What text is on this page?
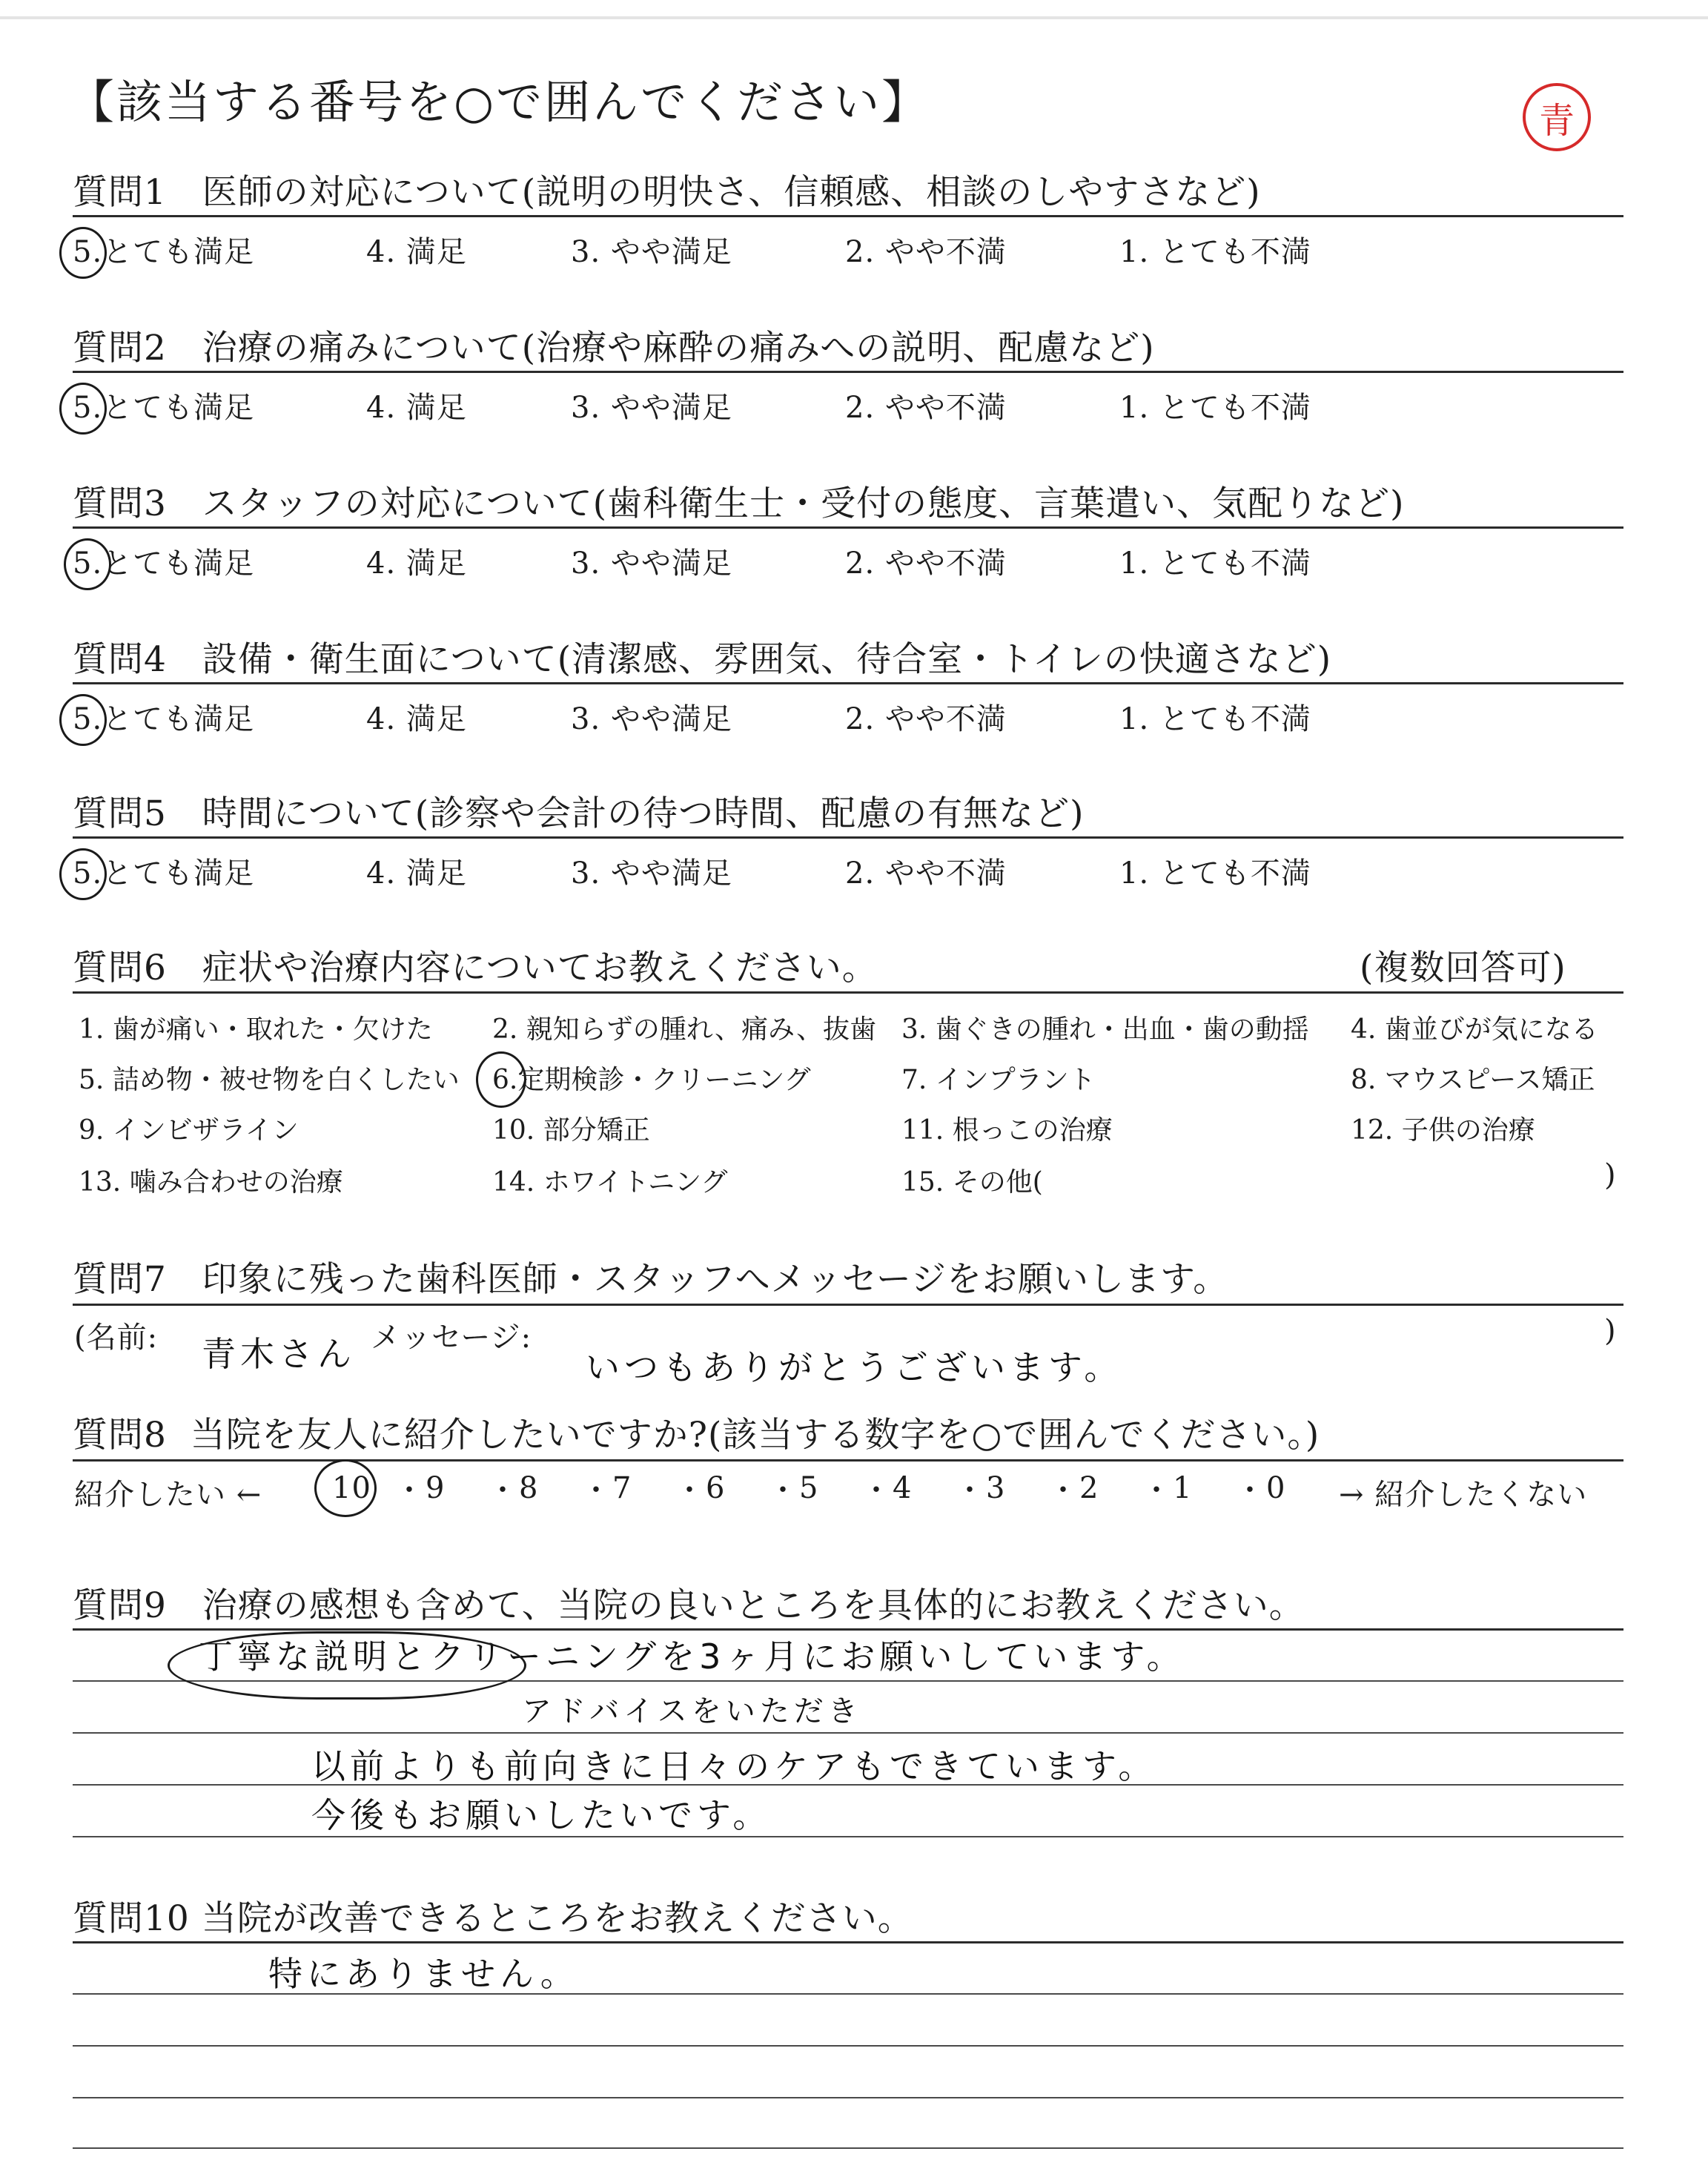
【該当する番号を○で囲んでください】	青
質問1 医師の対応について(説明の明快さ、信頼感、相談のしやすさなど)
5.とても満足	4. 満足	3. やや満足	2. やや不満	1. とても不満
質問2 治療の痛みについて(治療や麻酔の痛みへの説明、配慮など)
5.とても満足	4. 満足	3. やや満足	2. やや不満	1. とても不満
質問3 スタッフの対応について(歯科衛生士・受付の態度、言葉遣い、気配りなど)
5.とても満足	4. 満足	3. やや満足	2. やや不満	1. とても不満
質問4 設備・衛生面について(清潔感、雰囲気、待合室・トイレの快適さなど)
5.とても満足	4. 満足	3. やや満足	2. やや不満	1. とても不満
質問5 時間について(診察や会計の待つ時間、配慮の有無など)
5.とても満足	4. 満足	3. やや満足	2. やや不満	1. とても不満
質問6 症状や治療内容についてお教えください。	(複数回答可)
1. 歯が痛い・取れた・欠けた 2. 親知らずの腫れ、痛み、抜歯 3. 歯ぐきの腫れ・出血・歯の動揺 4. 歯並びが気になる
5. 詰め物・被せ物を白くしたい 6.定期検診・クリーニング	7. インプラント	8. マウスピース矯正
9. インビザライン	10. 部分矯正	11. 根っこの治療	12. 子供の治療
13. 噛み合わせの治療	14. ホワイトニング	15. その他(	)
質問7 印象に残った歯科医師・スタッフへメッセージをお願いします。
(名前: 青木さん メッセージ:
いつもありがとうございます。
)
質問8 当院を友人に紹介したいですか?(該当する数字を○で囲んでください。)
紹介したい ←	→ 紹介したくない
10 ・ 9 ・ 8 ・ 7 ・ 6 ・ 5 ・ 4 ・ 3 ・ 2 ・ 1 ・ 0
質問9 治療の感想も含めて、当院の良いところを具体的にお教えください。
丁寧な説明とクリーニングを3ヶ月にお願いしています。
アドバイスをいただき
以前よりも前向きに日々のケアもできています。
今後もお願いしたいです。
質問10 当院が改善できるところをお教えください。
特にありません。
